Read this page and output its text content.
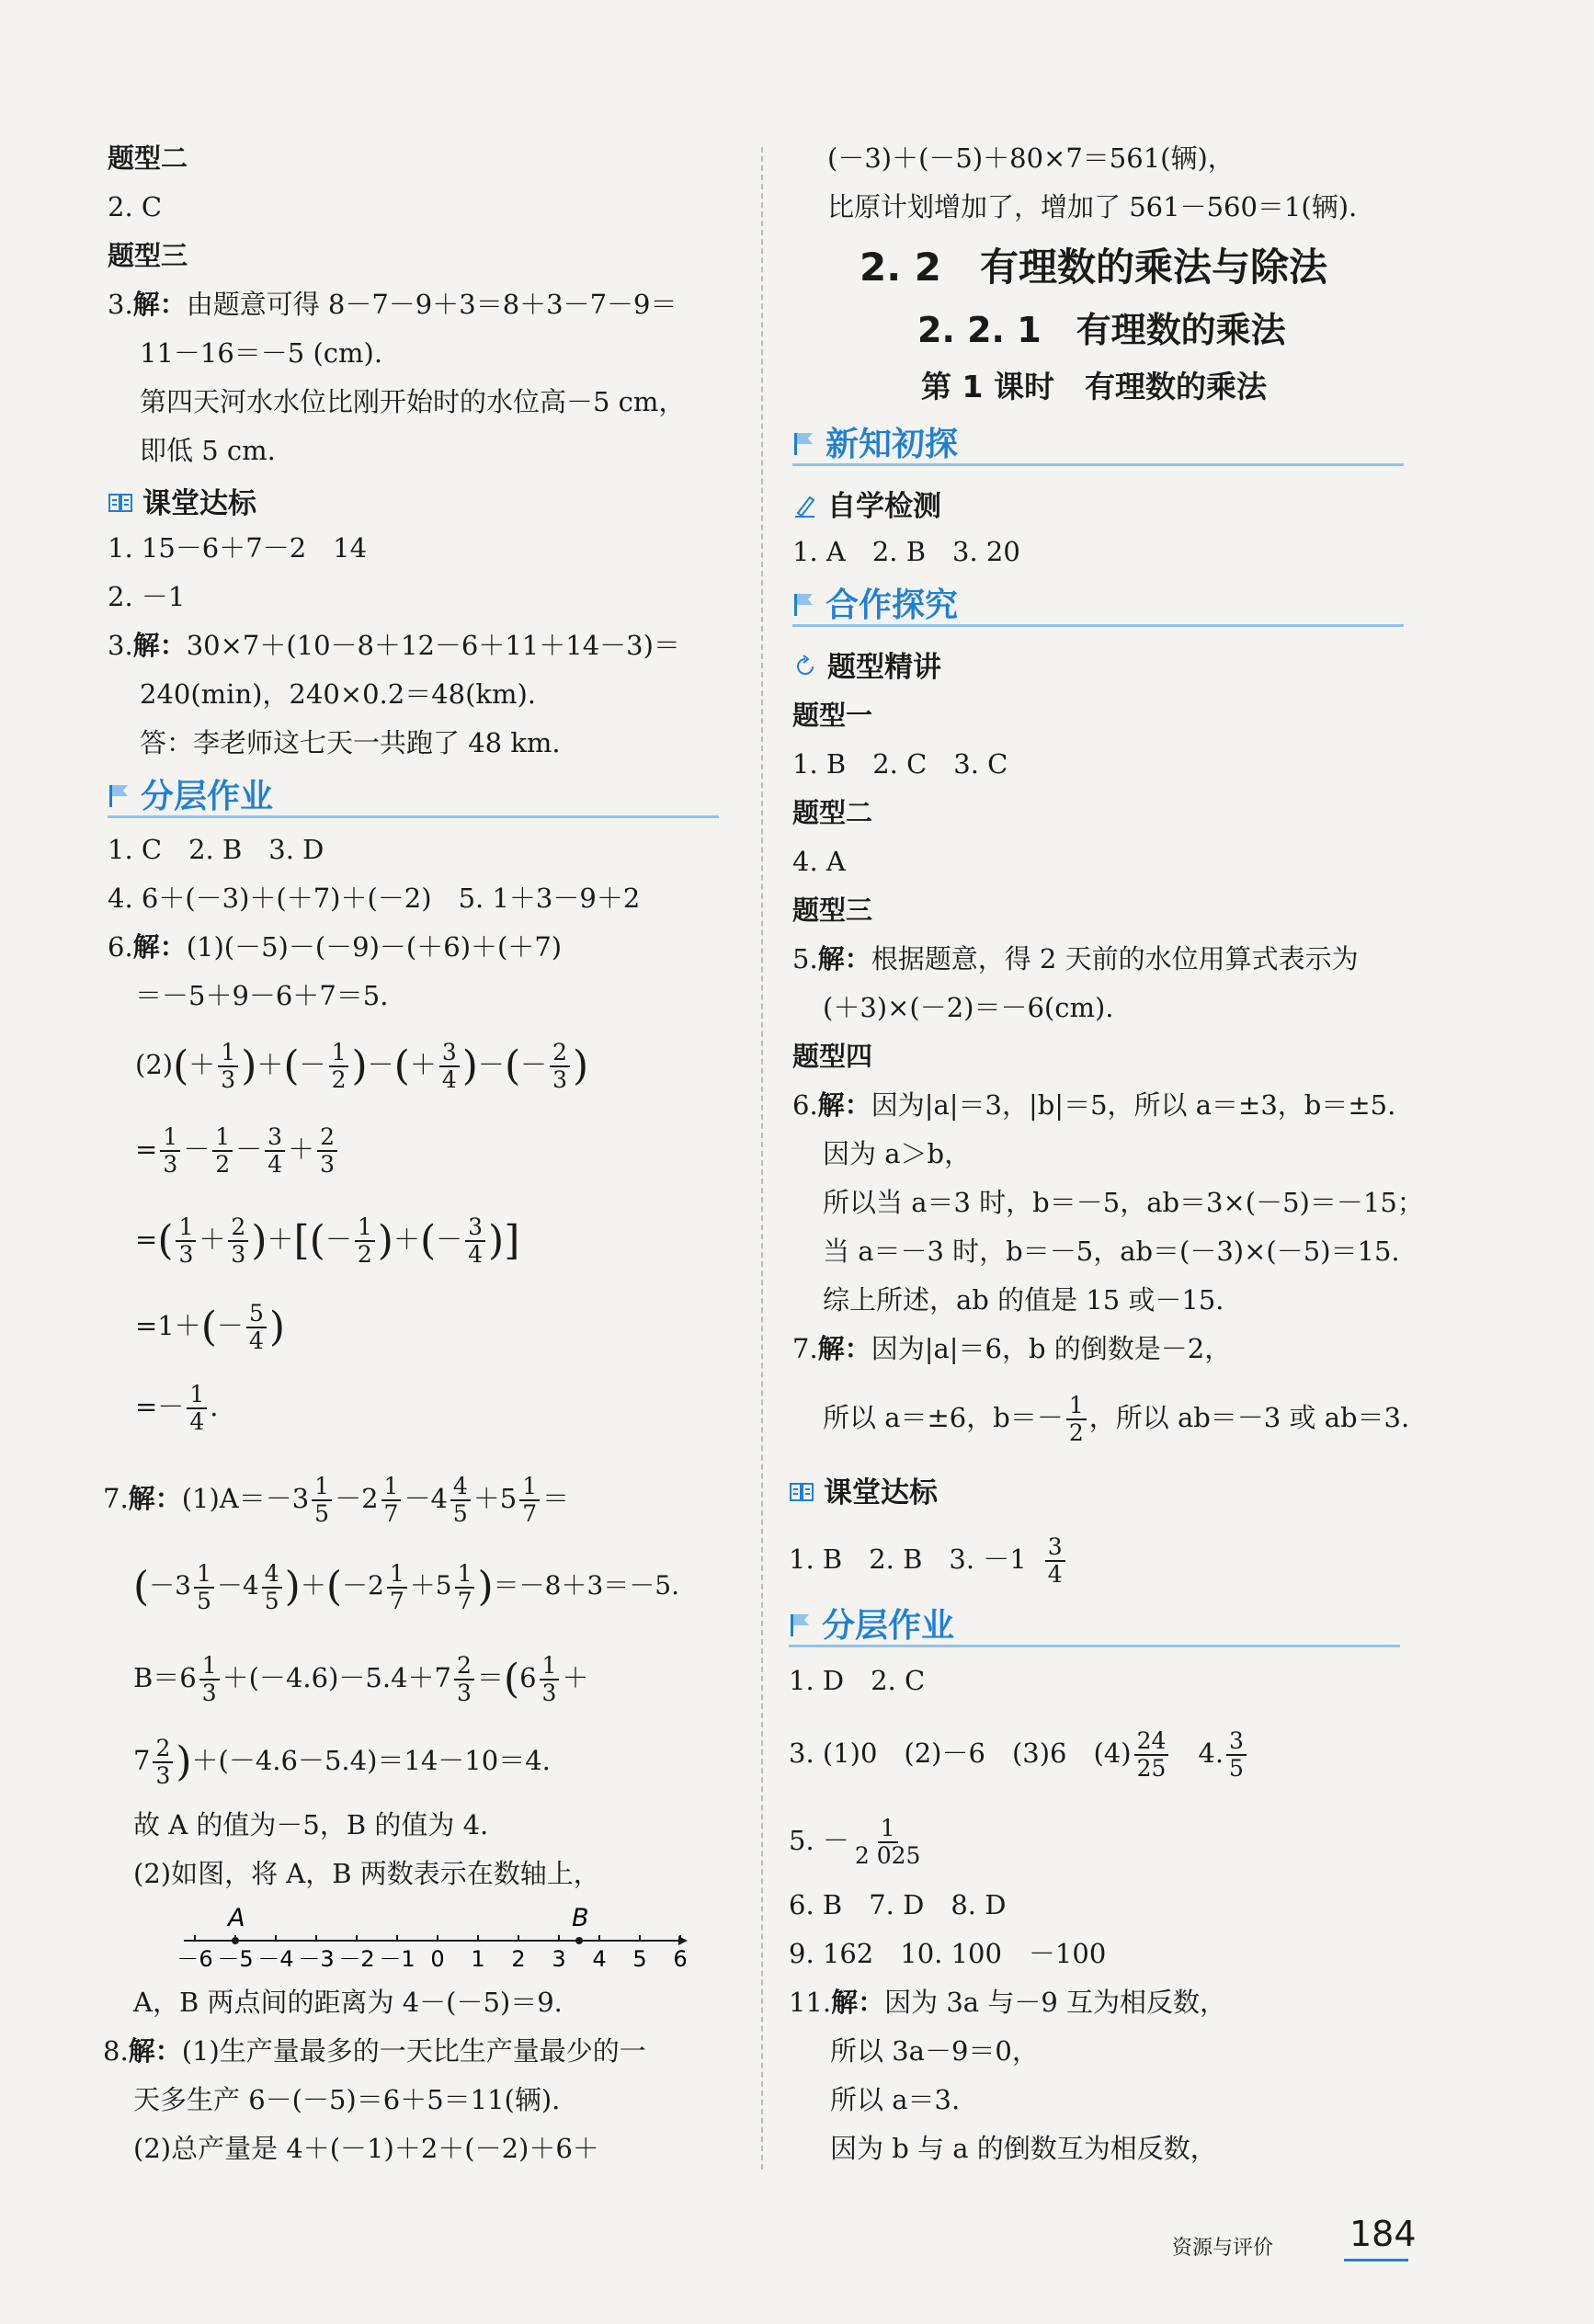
题型二
2. C
题型三
3.解：由题意可得 8－7－9＋3＝8＋3－7－9＝
11－16＝－5 (cm).
第四天河水水位比刚开始时的水位高－5 cm，
即低 5 cm.
课堂达标
1. 15－6＋7－2　14
2. －1
3.解：30×7＋(10－8＋12－6＋11＋14－3)＝
240(min)，240×0.2＝48(km).
答：李老师这七天一共跑了 48 km.
分层作业
1. C　2. B　3. D
4. 6＋(－3)＋(＋7)＋(－2)　5. 1＋3－9＋2
6.解：(1)(－5)－(－9)－(＋6)＋(＋7)
＝－5＋9－6＋7＝5.
$(2)(+ \frac{1}{3}$ )＋(－ $\frac{1}{2}$ )－(＋ $\frac{3}{4}$ )－(－ $\frac{2}{3}$ )
= $\frac{1}{3} - \frac{1}{2} - \frac{3}{4} + \frac{2}{3}$
=( $\frac{1}{3} + \frac{2}{3}$ )＋[(－ $\frac{1}{2}$ )＋(－ $\frac{3}{4}$ )]
$=1+(- \frac{5}{4}$ )
=－ $\frac{1}{4}$ .
7.解：$(1)A=-3 \frac{1}{5} -2 \frac{1}{7} -4 \frac{4}{5} +5 \frac{1}{7}$ ＝
$(-3 \frac{1}{5} -4 \frac{4}{5} )+(-2 \frac{1}{7} +5 \frac{1}{7} )=-8+3=-5$.
$B=6 \frac{1}{3} +(-4.6)-5.4+7 \frac{2}{3} =(6 \frac{1}{3}$ ＋
$7 \frac{2}{3} )+(-4.6-5.4)=14-10=4$.
故 A 的值为－5，B 的值为 4.
(2)如图，将 A，B 两数表示在数轴上，
－6 －5 －4 －3 －2 －1 0 1 2 3 4 5 6
A	B
A，B 两点间的距离为 4－(－5)＝9.
8.解：(1)生产量最多的一天比生产量最少的一
天多生产 6－(－5)＝6＋5＝11(辆).
(2)总产量是 4＋(－1)＋2＋(－2)＋6＋
(－3)＋(－5)＋80×7＝561(辆)，
比原计划增加了，增加了 561－560＝1(辆).
2. 2　有理数的乘法与除法
2. 2. 1　有理数的乘法
第 1 课时　有理数的乘法
新知初探
自学检测
1. A　2. B　3. 20
合作探究
题型精讲
题型一
1. B　2. C　3. C
题型二
4. A
题型三
5.解：根据题意，得 2 天前的水位用算式表示为
(＋3)×(－2)＝－6(cm).
题型四
6.解：因为|a|＝3，|b|＝5，所以 a＝±3，b＝±5.
因为 a＞b，
所以当 a＝3 时，b＝－5，ab＝3×(－5)＝－15；
当 a＝－3 时，b＝－5，ab＝(－3)×(－5)＝15.
综上所述，ab 的值是 15 或－15.
7.解：因为|a|＝6，b 的倒数是－2，
所以 a＝±6，$b=- \frac{1}{2}$ ，所以 ab＝－3 或 ab＝3.
课堂达标
1. B　2. B　3. $-1 \frac{3}{4}$
分层作业
1. D　2. C
3. (1)0　(2)－6　(3)6　$(4) \frac{24}{25}$ 　4. $\frac{3}{5}$
5. － $\frac{1}{2 025}$
6. B　7. D　8. D
9. 162　10. 100　－100
11.解：因为 3a 与－9 互为相反数，
所以 3a－9＝0，
所以 a＝3.
因为 b 与 a 的倒数互为相反数，
资源与评价 184
